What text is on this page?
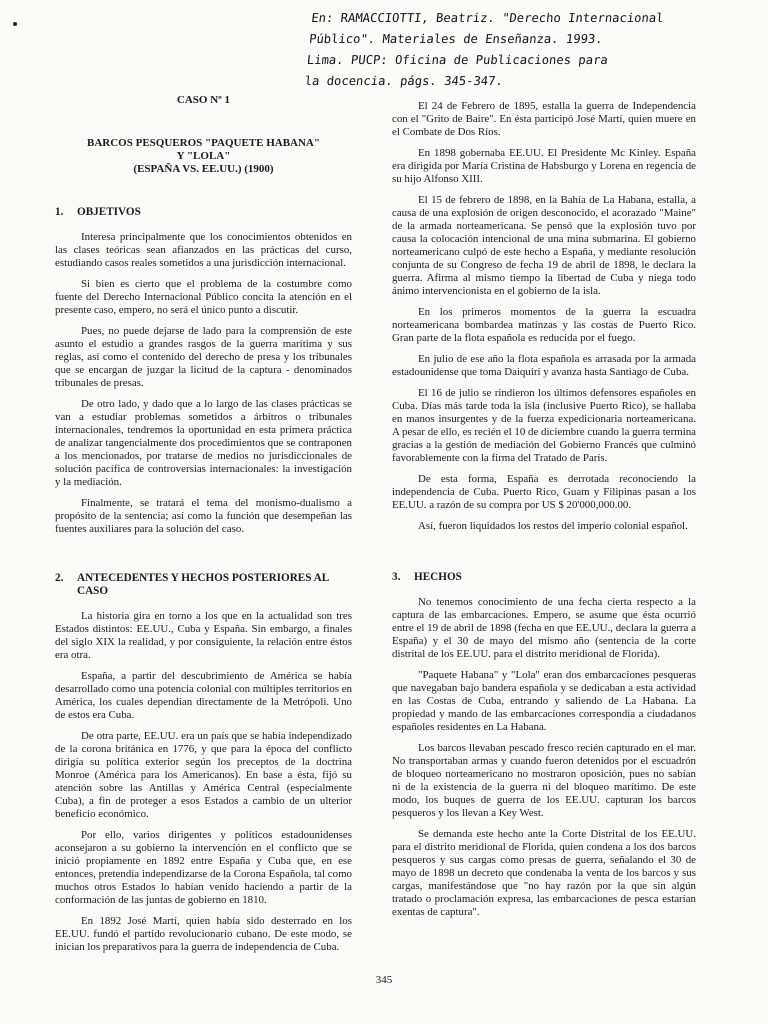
En: RAMACCIOTTI, Beatriz. "Derecho Internacional
Público". Materiales de Enseñanza. 1993.
Lima. PUCP: Oficina de Publicaciones para
la docencia. págs. 345-347.
CASO Nº 1
BARCOS PESQUEROS "PAQUETE HABANA"
Y "LOLA"
(ESPAÑA VS. EE.UU.) (1900)
1.	OBJETIVOS

Interesa principalmente que los conocimientos obtenidos en las clases teóricas sean afianzados en las prácticas del curso, estudiando casos reales sometidos a una jurisdicción internacional.

Si bien es cierto que el problema de la costumbre como fuente del Derecho Internacional Público concita la atención en el presente caso, empero, no será el único punto a discutir.

Pues, no puede dejarse de lado para la comprensión de este asunto el estudio a grandes rasgos de la guerra marítima y sus reglas, así como el contenido del derecho de presa y los tribunales que se encargan de juzgar la licitud de la captura - denominados tribunales de presas.

De otro lado, y dado que a lo largo de las clases prácticas se van a estudiar problemas sometidos a árbitros o tribunales internacionales, tendremos la oportunidad en esta primera práctica de analizar tangencialmente dos procedimientos que se contraponen a los mencionados, por tratarse de medios no jurisdiccionales de solución pacífica de controversias internacionales: la investigación y la mediación.

Finalmente, se tratará el tema del monismo-dualismo a propósito de la sentencia; así como la función que desempeñan las fuentes auxiliares para la solución del caso.

2.	ANTECEDENTES Y HECHOS POSTERIORES AL CASO

La historia gira en torno a los que en la actualidad son tres Estados distintos: EE.UU., Cuba y España. Sin embargo, a finales del siglo XIX la realidad, y por consiguiente, la relación entre éstos era otra.

España, a partir del descubrimiento de América se había desarrollado como una potencia colonial con múltiples territorios en América, los cuales dependían directamente de la Metrópoli. Uno de estos era Cuba.

De otra parte, EE.UU. era un país que se había independizado de la corona británica en 1776, y que para la época del conflicto dirigía su política exterior según los preceptos de la doctrina Monroe (América para los Americanos). En base a ésta, fijó su atención sobre las Antillas y América Central (especialmente Cuba), a fin de proteger a esos Estados a cambio de un ulterior beneficio económico.

Por ello, varios dirigentes y políticos estadounidenses aconsejaron a su gobierno la intervención en el conflicto que se inició propiamente en 1892 entre España y Cuba que, en ese entonces, pretendía independizarse de la Corona Española, tal como muchos otros Estados lo habían venido haciendo a partir de la conformación de las juntas de gobierno en 1810.

En 1892 José Martí, quien había sido desterrado en los EE.UU. fundó el partido revolucionario cubano. De este modo, se inician los preparativos para la guerra de independencia de Cuba.

El 24 de Febrero de 1895, estalla la guerra de Independencia con el "Grito de Baire". En ésta participó José Martí, quien muere en el Combate de Dos Ríos.

En 1898 gobernaba EE.UU. El Presidente Mc Kinley. España era dirigida por María Cristina de Habsburgo y Lorena en regencia de su hijo Alfonso XIII.

El 15 de febrero de 1898, en la Bahía de La Habana, estalla, a causa de una explosión de origen desconocido, el acorazado "Maine" de la armada norteamericana. Se pensó que la explosión tuvo por causa la colocación intencional de una mina submarina. El gobierno norteamericano culpó de este hecho a España, y mediante resolución conjunta de su Congreso de fecha 19 de abril de 1898, le declara la guerra. Afirma al mismo tiempo la libertad de Cuba y niega todo ánimo intervencionista en el gobierno de la isla.

En los primeros momentos de la guerra la escuadra norteamericana bombardea matinzas y las costas de Puerto Rico. Gran parte de la flota española es reducida por el fuego.

En julio de ese año la flota española es arrasada por la armada estadounidense que toma Daiquirí y avanza hasta Santiago de Cuba.

El 16 de julio se rindieron los últimos defensores españoles en Cuba. Días más tarde toda la isla (inclusive Puerto Rico), se hallaba en manos insurgentes y de la fuerza expedicionaria norteamericana. A pesar de ello, es recién el 10 de diciembre cuando la guerra termina gracias a la gestión de mediación del Gobierno Francés que culminó favorablemente con la firma del Tratado de París.

De esta forma, España es derrotada reconociendo la independencia de Cuba. Puerto Rico, Guam y Filipinas pasan a los EE.UU. a razón de su compra por US $ 20'000,000.00.

Así, fueron liquidados los restos del imperio colonial español.

3.	HECHOS

No tenemos conocimiento de una fecha cierta respecto a la captura de las embarcaciones. Empero, se asume que ésta ocurrió entre el 19 de abril de 1898 (fecha en que EE.UU., declara la guerra a España) y el 30 de mayo del mismo año (sentencia de la corte distrital de los EE.UU. para el distrito meridional de Florida).

"Paquete Habana" y "Lola" eran dos embarcaciones pesqueras que navegaban bajo bandera española y se dedicaban a esta actividad en las Costas de Cuba, entrando y saliendo de La Habana. La propiedad y mando de las embarcaciones correspondía a ciudadanos españoles residentes en La Habana.

Los barcos llevaban pescado fresco recién capturado en el mar. No transportaban armas y cuando fueron detenidos por el escuadrón de bloqueo norteamericano no mostraron oposición, pues no sabían ni de la existencia de la guerra ni del bloqueo marítimo. De este modo, los buques de guerra de los EE.UU. capturan los barcos pesqueros y los llevan a Key West.

Se demanda este hecho ante la Corte Distrital de los EE.UU. para el distrito meridional de Florida, quien condena a los dos barcos pesqueros y sus cargas como presas de guerra, señalando el 30 de mayo de 1898 un decreto que condenaba la venta de los barcos y sus cargas, manifestándose que "no hay razón por la que sin algún tratado o proclamación expresa, las embarcaciones de pesca estarían exentas de captura".

345
